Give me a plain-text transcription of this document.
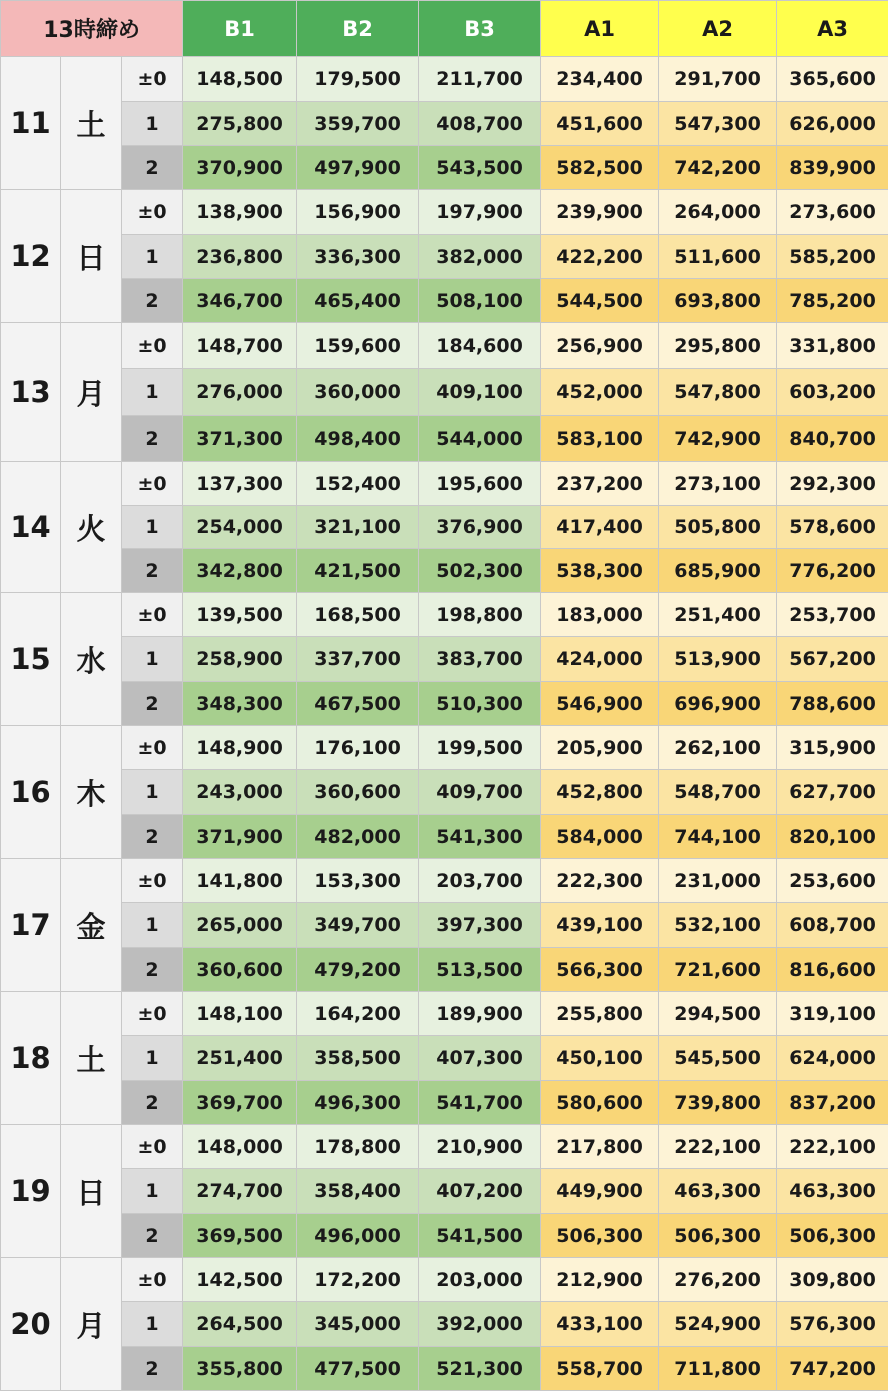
13時締め			B1	B2	B3	A1	A2	A3
11	土	±0	148,500	179,500	211,700	234,400	291,700	365,600
		1	275,800	359,700	408,700	451,600	547,300	626,000
		2	370,900	497,900	543,500	582,500	742,200	839,900
12	日	±0	138,900	156,900	197,900	239,900	264,000	273,600
		1	236,800	336,300	382,000	422,200	511,600	585,200
		2	346,700	465,400	508,100	544,500	693,800	785,200
13	月	±0	148,700	159,600	184,600	256,900	295,800	331,800
		1	276,000	360,000	409,100	452,000	547,800	603,200
		2	371,300	498,400	544,000	583,100	742,900	840,700
14	火	±0	137,300	152,400	195,600	237,200	273,100	292,300
		1	254,000	321,100	376,900	417,400	505,800	578,600
		2	342,800	421,500	502,300	538,300	685,900	776,200
15	水	±0	139,500	168,500	198,800	183,000	251,400	253,700
		1	258,900	337,700	383,700	424,000	513,900	567,200
		2	348,300	467,500	510,300	546,900	696,900	788,600
16	木	±0	148,900	176,100	199,500	205,900	262,100	315,900
		1	243,000	360,600	409,700	452,800	548,700	627,700
		2	371,900	482,000	541,300	584,000	744,100	820,100
17	金	±0	141,800	153,300	203,700	222,300	231,000	253,600
		1	265,000	349,700	397,300	439,100	532,100	608,700
		2	360,600	479,200	513,500	566,300	721,600	816,600
18	土	±0	148,100	164,200	189,900	255,800	294,500	319,100
		1	251,400	358,500	407,300	450,100	545,500	624,000
		2	369,700	496,300	541,700	580,600	739,800	837,200
19	日	±0	148,000	178,800	210,900	217,800	222,100	222,100
		1	274,700	358,400	407,200	449,900	463,300	463,300
		2	369,500	496,000	541,500	506,300	506,300	506,300
20	月	±0	142,500	172,200	203,000	212,900	276,200	309,800
		1	264,500	345,000	392,000	433,100	524,900	576,300
		2	355,800	477,500	521,300	558,700	711,800	747,200
